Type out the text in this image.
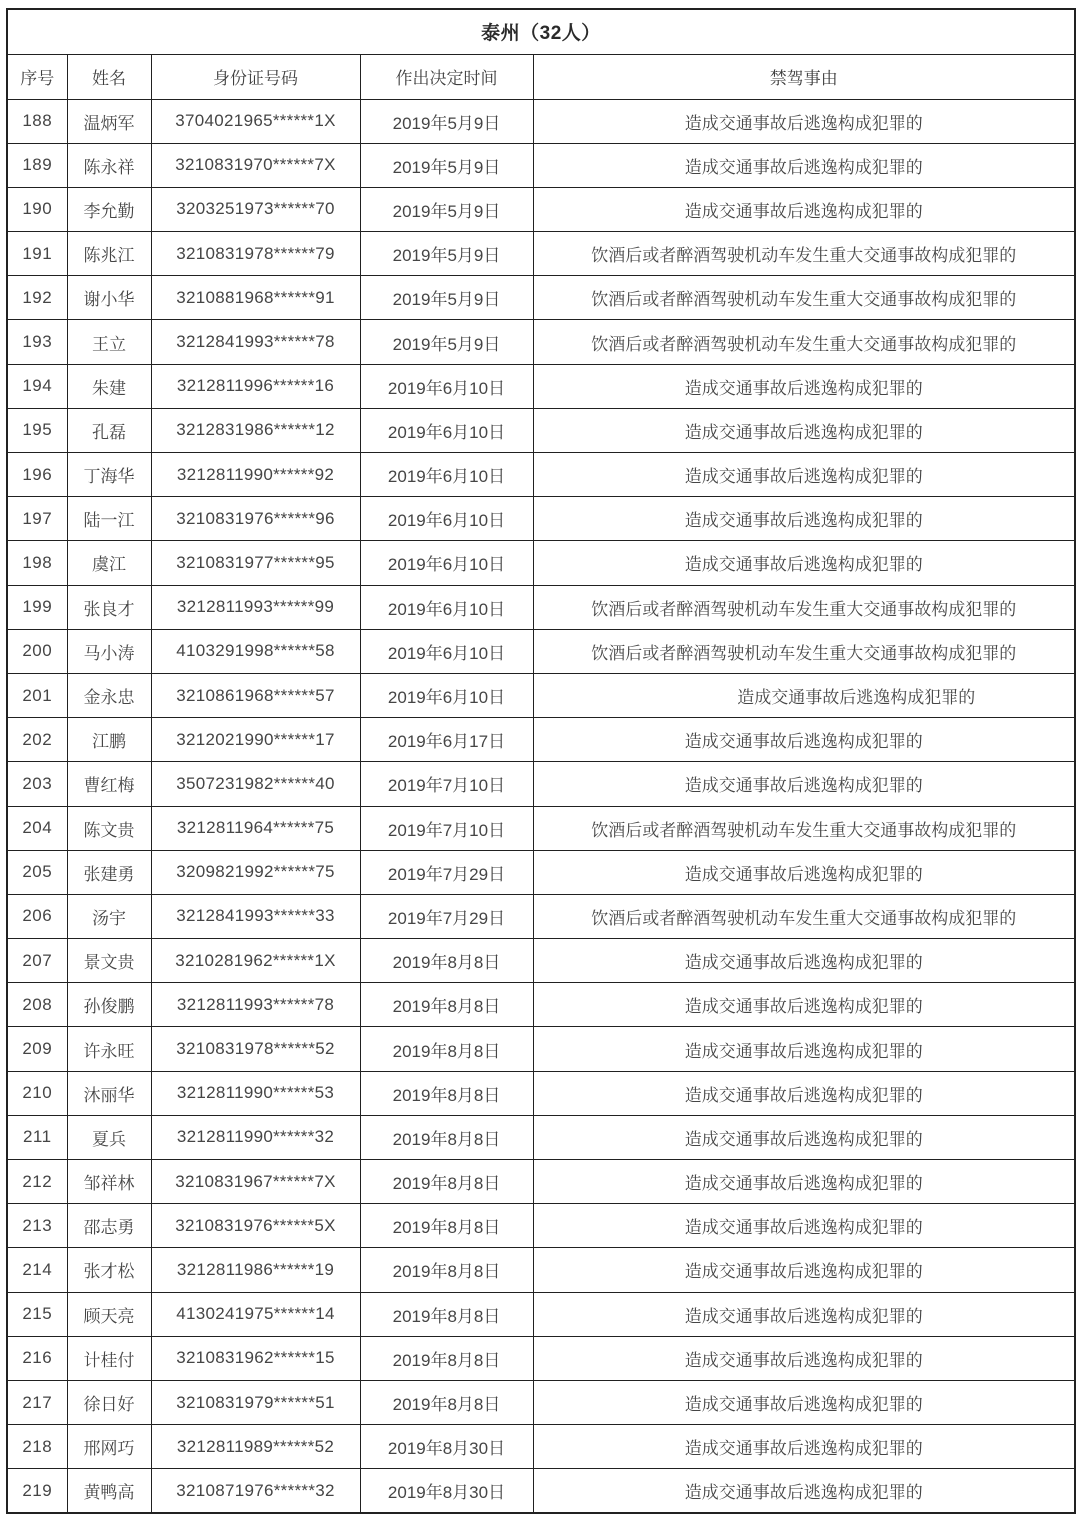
泰州（32人）				
序号	姓名	身份证号码	作出决定时间	禁驾事由
188	温炳军	3704021965******1X	2019年5月9日	造成交通事故后逃逸构成犯罪的
189	陈永祥	3210831970******7X	2019年5月9日	造成交通事故后逃逸构成犯罪的
190	李允勤	3203251973******70	2019年5月9日	造成交通事故后逃逸构成犯罪的
191	陈兆江	3210831978******79	2019年5月9日	饮酒后或者醉酒驾驶机动车发生重大交通事故构成犯罪的
192	谢小华	3210881968******91	2019年5月9日	饮酒后或者醉酒驾驶机动车发生重大交通事故构成犯罪的
193	王立	3212841993******78	2019年5月9日	饮酒后或者醉酒驾驶机动车发生重大交通事故构成犯罪的
194	朱建	3212811996******16	2019年6月10日	造成交通事故后逃逸构成犯罪的
195	孔磊	3212831986******12	2019年6月10日	造成交通事故后逃逸构成犯罪的
196	丁海华	3212811990******92	2019年6月10日	造成交通事故后逃逸构成犯罪的
197	陆一江	3210831976******96	2019年6月10日	造成交通事故后逃逸构成犯罪的
198	虞江	3210831977******95	2019年6月10日	造成交通事故后逃逸构成犯罪的
199	张良才	3212811993******99	2019年6月10日	饮酒后或者醉酒驾驶机动车发生重大交通事故构成犯罪的
200	马小涛	4103291998******58	2019年6月10日	饮酒后或者醉酒驾驶机动车发生重大交通事故构成犯罪的
201	金永忠	3210861968******57	2019年6月10日	造成交通事故后逃逸构成犯罪的
202	江鹏	3212021990******17	2019年6月17日	造成交通事故后逃逸构成犯罪的
203	曹红梅	3507231982******40	2019年7月10日	造成交通事故后逃逸构成犯罪的
204	陈文贵	3212811964******75	2019年7月10日	饮酒后或者醉酒驾驶机动车发生重大交通事故构成犯罪的
205	张建勇	3209821992******75	2019年7月29日	造成交通事故后逃逸构成犯罪的
206	汤宇	3212841993******33	2019年7月29日	饮酒后或者醉酒驾驶机动车发生重大交通事故构成犯罪的
207	景文贵	3210281962******1X	2019年8月8日	造成交通事故后逃逸构成犯罪的
208	孙俊鹏	3212811993******78	2019年8月8日	造成交通事故后逃逸构成犯罪的
209	许永旺	3210831978******52	2019年8月8日	造成交通事故后逃逸构成犯罪的
210	沐丽华	3212811990******53	2019年8月8日	造成交通事故后逃逸构成犯罪的
211	夏兵	3212811990******32	2019年8月8日	造成交通事故后逃逸构成犯罪的
212	邹祥林	3210831967******7X	2019年8月8日	造成交通事故后逃逸构成犯罪的
213	邵志勇	3210831976******5X	2019年8月8日	造成交通事故后逃逸构成犯罪的
214	张才松	3212811986******19	2019年8月8日	造成交通事故后逃逸构成犯罪的
215	顾天亮	4130241975******14	2019年8月8日	造成交通事故后逃逸构成犯罪的
216	计桂付	3210831962******15	2019年8月8日	造成交通事故后逃逸构成犯罪的
217	徐日好	3210831979******51	2019年8月8日	造成交通事故后逃逸构成犯罪的
218	邢网巧	3212811989******52	2019年8月30日	造成交通事故后逃逸构成犯罪的
219	黄鸭高	3210871976******32	2019年8月30日	造成交通事故后逃逸构成犯罪的
